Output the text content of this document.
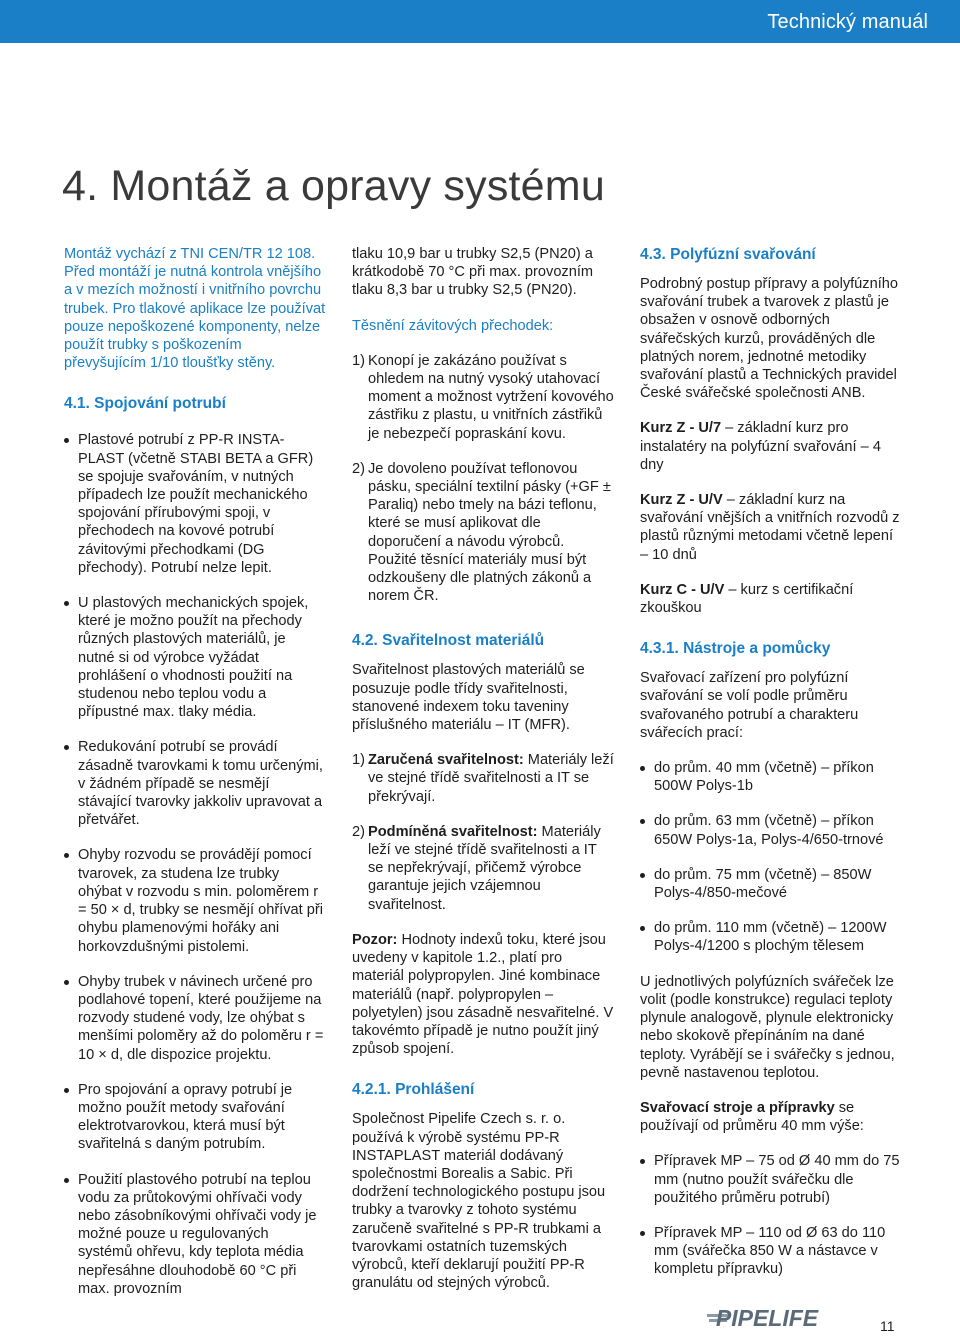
Technický manuál
4. Montáž a opravy systému

Montáž vychází z TNI CEN/TR 12 108. Před montáží je nutná kontrola vnějšího a v mezích možností i vnitřního povrchu trubek. Pro tlakové aplikace lze používat pouze nepoškozené komponenty, nelze použít trubky s poškozením převyšujícím 1/10 tloušťky stěny.

4.1. Spojování potrubí

Plastové potrubí z PP-R INSTA-PLAST (včetně STABI BETA a GFR) se spojuje svařováním, v nutných případech lze použít mechanického spojování přírubovými spoji, v přechodech na kovové potrubí závitovými přechodkami (DG přechody). Potrubí nelze lepit.
U plastových mechanických spojek, které je možno použít na přechody různých plastových materiálů, je nutné si od výrobce vyžádat prohlášení o vhodnosti použití na studenou nebo teplou vodu a přípustné max. tlaky média.
Redukování potrubí se provádí zásadně tvarovkami k tomu určenými, v žádném případě se nesmějí stávající tvarovky jakkoliv upravovat a přetvářet.
Ohyby rozvodu se provádějí pomocí tvarovek, za studena lze trubky ohýbat v rozvodu s min. poloměrem r = 50 × d, trubky se nesmějí ohřívat při ohybu plamenovými hořáky ani horkovzdušnými pistolemi.
Ohyby trubek v návinech určené pro podlahové topení, které použijeme na rozvody studené vody, lze ohýbat s menšími poloměry až do poloměru r = 10 × d, dle dispozice projektu.
Pro spojování a opravy potrubí je možno použít metody svařování elektrotvarovkou, která musí být svařitelná s daným potrubím.
Použití plastového potrubí na teplou vodu za průtokovými ohřívači vody nebo zásobníkovými ohřívači vody je možné pouze u regulovaných systémů ohřevu, kdy teplota média nepřesáhne dlouhodobě 60 °C při max. provozním

tlaku 10,9 bar u trubky S2,5 (PN20) a krátkodobě 70 °C při max. provozním tlaku 8,3 bar u trubky S2,5 (PN20).

Těsnění závitových přechodek:

1) Konopí je zakázáno používat s ohledem na nutný vysoký utahovací moment a možnost vytržení kovového zástřiku z plastu, u vnitřních zástřiků je nebezpečí popraskání kovu.
2) Je dovoleno používat teflonovou pásku, speciální textilní pásky (+GF ± Paraliq) nebo tmely na bázi teflonu, které se musí aplikovat dle doporučení a návodu výrobců. Použité těsnící materiály musí být odzkoušeny dle platných zákonů a norem ČR.

4.2. Svařitelnost materiálů

Svařitelnost plastových materiálů se posuzuje podle třídy svařitelnosti, stanovené indexem toku taveniny příslušného materiálu – IT (MFR).

1) Zaručená svařitelnost: Materiály leží ve stejné třídě svařitelnosti a IT se překrývají.
2) Podmíněná svařitelnost: Materiály leží ve stejné třídě svařitelnosti a IT se nepřekrývají, přičemž výrobce garantuje jejich vzájemnou svařitelnost.

Pozor: Hodnoty indexů toku, které jsou uvedeny v kapitole 1.2., platí pro materiál polypropylen. Jiné kombinace materiálů (např. polypropylen – polyetylen) jsou zásadně nesvařitelné. V takovémto případě je nutno použít jiný způsob spojení.

4.2.1. Prohlášení

Společnost Pipelife Czech s. r. o. používá k výrobě systému PP-R INSTAPLAST materiál dodávaný společnostmi Borealis a Sabic. Při dodržení technologického postupu jsou trubky a tvarovky z tohoto systému zaručeně svařitelné s PP-R trubkami a tvarovkami ostatních tuzemských výrobců, kteří deklarují použití PP-R granulátu od stejných výrobců.

4.3. Polyfúzní svařování

Podrobný postup přípravy a polyfúzního svařování trubek a tvarovek z plastů je obsažen v osnově odborných svářečských kurzů, prováděných dle platných norem, jednotné metodiky svařování plastů a Technických pravidel České svářečské společnosti ANB.

Kurz Z - U/7 – základní kurz pro instalatéry na polyfúzní svařování – 4 dny

Kurz Z - U/V – základní kurz na svařování vnějších a vnitřních rozvodů z plastů různými metodami včetně lepení – 10 dnů

Kurz C - U/V – kurz s certifikační zkouškou

4.3.1. Nástroje a pomůcky

Svařovací zařízení pro polyfúzní svařování se volí podle průměru svařovaného potrubí a charakteru svářecích prací:

do prům. 40 mm (včetně) – příkon 500W Polys-1b
do prům. 63 mm (včetně) – příkon 650W Polys-1a, Polys-4/650-trnové
do prům. 75 mm (včetně) – 850W Polys-4/850-mečové
do prům. 110 mm (včetně) – 1200W Polys-4/1200 s plochým tělesem

U jednotlivých polyfúzních svářeček lze volit (podle konstrukce) regulaci teploty plynule analogově, plynule elektronicky nebo skokově přepínáním na dané teploty. Vyrábějí se i svářečky s jednou, pevně nastavenou teplotou.

Svařovací stroje a přípravky se používají od průměru 40 mm výše:

Přípravek MP – 75 od Ø 40 mm do 75 mm (nutno použít svářečku dle použitého průměru potrubí)
Přípravek MP – 110 od Ø 63 do 110 mm (svářečka 850 W a nástavce v kompletu přípravku)
PIPELIFE	11
